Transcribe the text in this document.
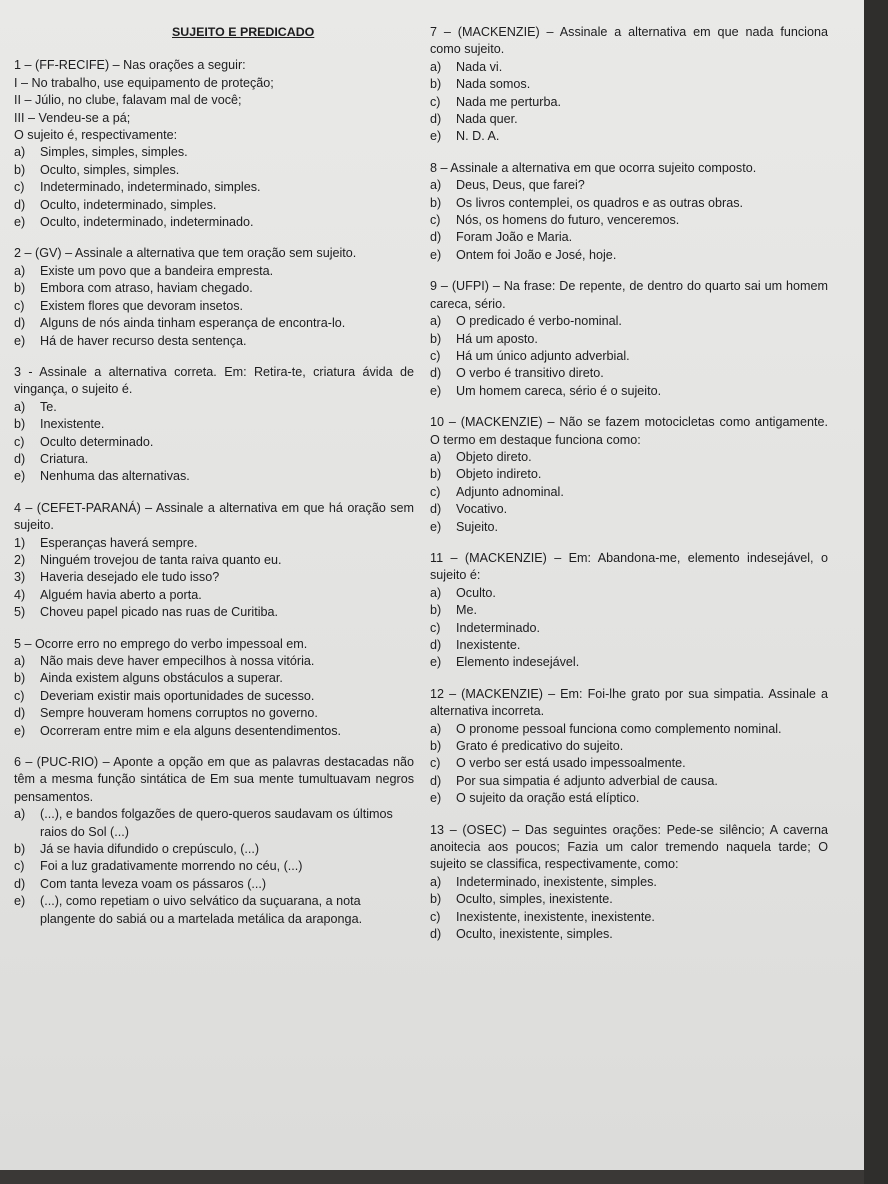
SUJEITO E PREDICADO
1 – (FF-RECIFE) – Nas orações a seguir:
I – No trabalho, use equipamento de proteção;
II – Júlio, no clube, falavam mal de você;
III – Vendeu-se a pá;
O sujeito é, respectivamente:
a)	Simples, simples, simples.
b)	Oculto, simples, simples.
c)	Indeterminado, indeterminado, simples.
d)	Oculto, indeterminado, simples.
e)	Oculto, indeterminado, indeterminado.
2 – (GV) – Assinale a alternativa que tem oração sem sujeito.
a)	Existe um povo que a bandeira empresta.
b)	Embora com atraso, haviam chegado.
c)	Existem flores que devoram insetos.
d)	Alguns de nós ainda tinham esperança de encontra-lo.
e)	Há de haver recurso desta sentença.
3 - Assinale a alternativa correta. Em: Retira-te, criatura ávida de vingança, o sujeito é.
a)	Te.
b)	Inexistente.
c)	Oculto determinado.
d)	Criatura.
e)	Nenhuma das alternativas.
4 – (CEFET-PARANÁ) – Assinale a alternativa em que há oração sem sujeito.
1)	Esperanças haverá sempre.
2)	Ninguém trovejou de tanta raiva quanto eu.
3)	Haveria desejado ele tudo isso?
4)	Alguém havia aberto a porta.
5)	Choveu papel picado nas ruas de Curitiba.
5 – Ocorre erro no emprego do verbo impessoal em.
a)	Não mais deve haver empecilhos à nossa vitória.
b)	Ainda existem alguns obstáculos a superar.
c)	Deveriam existir mais oportunidades de sucesso.
d)	Sempre houveram homens corruptos no governo.
e)	Ocorreram entre mim e ela alguns desentendimentos.
6 – (PUC-RIO) – Aponte a opção em que as palavras destacadas não têm a mesma função sintática de Em sua mente tumultuavam negros pensamentos.
a)	(...), e bandos folgazões de quero-queros saudavam os últimos raios do Sol (...)
b)	Já se havia difundido o crepúsculo, (...)
c)	Foi a luz gradativamente morrendo no céu, (...)
d)	Com tanta leveza voam os pássaros (...)
e)	(...), como repetiam o uivo selvático da suçuarana, a nota plangente do sabiá ou a martelada metálica da araponga.
7 – (MACKENZIE) – Assinale a alternativa em que nada funciona como sujeito.
a)	Nada vi.
b)	Nada somos.
c)	Nada me perturba.
d)	Nada quer.
e)	N. D. A.
8 – Assinale a alternativa em que ocorra sujeito composto.
a)	Deus, Deus, que farei?
b)	Os livros contemplei, os quadros e as outras obras.
c)	Nós, os homens do futuro, venceremos.
d)	Foram João e Maria.
e)	Ontem foi João e José, hoje.
9 – (UFPI) – Na frase: De repente, de dentro do quarto sai um homem careca, sério.
a)	O predicado é verbo-nominal.
b)	Há um aposto.
c)	Há um único adjunto adverbial.
d)	O verbo é transitivo direto.
e)	Um homem careca, sério é o sujeito.
10 – (MACKENZIE) – Não se fazem motocicletas como antigamente. O termo em destaque funciona como:
a)	Objeto direto.
b)	Objeto indireto.
c)	Adjunto adnominal.
d)	Vocativo.
e)	Sujeito.
11 – (MACKENZIE) – Em: Abandona-me, elemento indesejável, o sujeito é:
a)	Oculto.
b)	Me.
c)	Indeterminado.
d)	Inexistente.
e)	Elemento indesejável.
12 – (MACKENZIE) – Em: Foi-lhe grato por sua simpatia. Assinale a alternativa incorreta.
a)	O pronome pessoal funciona como complemento nominal.
b)	Grato é predicativo do sujeito.
c)	O verbo ser está usado impessoalmente.
d)	Por sua simpatia é adjunto adverbial de causa.
e)	O sujeito da oração está elíptico.
13 – (OSEC) – Das seguintes orações: Pede-se silêncio; A caverna anoitecia aos poucos; Fazia um calor tremendo naquela tarde; O sujeito se classifica, respectivamente, como:
a)	Indeterminado, inexistente, simples.
b)	Oculto, simples, inexistente.
c)	Inexistente, inexistente, inexistente.
d)	Oculto, inexistente, simples.
